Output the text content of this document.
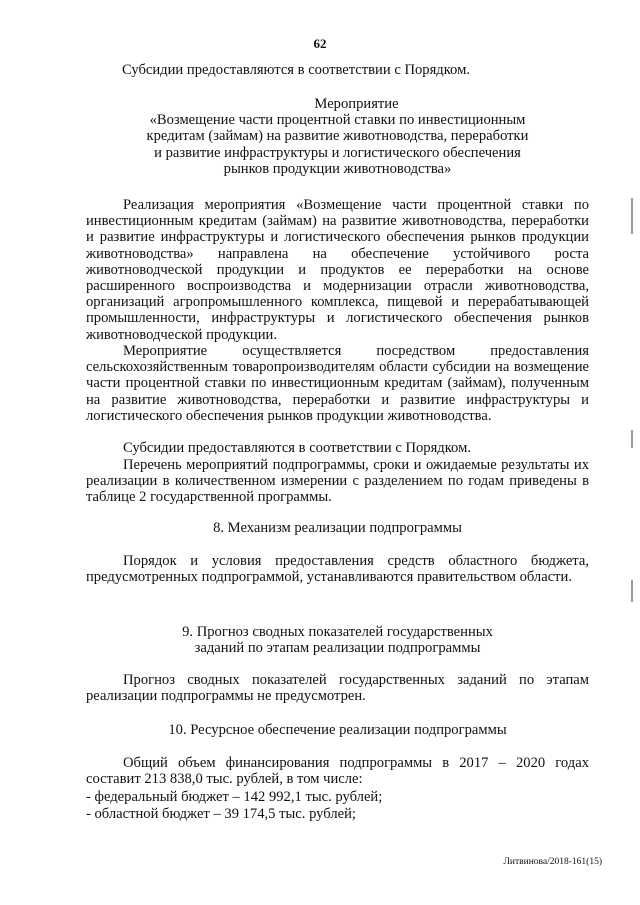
62
Субсидии предоставляются в соответствии с Порядком.
Мероприятие
«Возмещение части процентной ставки по инвестиционным
кредитам (займам) на развитие животноводства, переработки
и развитие инфраструктуры и логистического обеспечения
рынков продукции животноводства»
Реализация мероприятия «Возмещение части процентной ставки по инвестиционным кредитам (займам) на развитие животноводства, переработки и развитие инфраструктуры и логистического обеспечения рынков продукции животноводства» направлена на обеспечение устойчивого роста животноводческой продукции и продуктов ее переработки на основе расширенного воспроизводства и модернизации отрасли животноводства, организаций агропромышленного комплекса, пищевой и перерабатывающей промышленности, инфраструктуры и логистического обеспечения рынков животноводческой продукции.
Мероприятие осуществляется посредством предоставления сельскохозяйственным товаропроизводителям области субсидии на возмещение части процентной ставки по инвестиционным кредитам (займам), полученным на развитие животноводства, переработки и развитие инфраструктуры и логистического обеспечения рынков продукции животноводства.
Субсидии предоставляются в соответствии с Порядком.
Перечень мероприятий подпрограммы, сроки и ожидаемые результаты их реализации в количественном измерении с разделением по годам приведены в таблице 2 государственной программы.
8. Механизм реализации подпрограммы
Порядок и условия предоставления средств областного бюджета, предусмотренных подпрограммой, устанавливаются правительством области.
9. Прогноз сводных показателей государственных
заданий по этапам реализации подпрограммы
Прогноз сводных показателей государственных заданий по этапам реализации подпрограммы не предусмотрен.
10. Ресурсное обеспечение реализации подпрограммы
Общий объем финансирования подпрограммы в 2017 – 2020 годах составит 213 838,0 тыс. рублей, в том числе:
- федеральный бюджет – 142 992,1 тыс. рублей;
- областной бюджет – 39 174,5 тыс. рублей;
Литвинова/2018-161(15)
